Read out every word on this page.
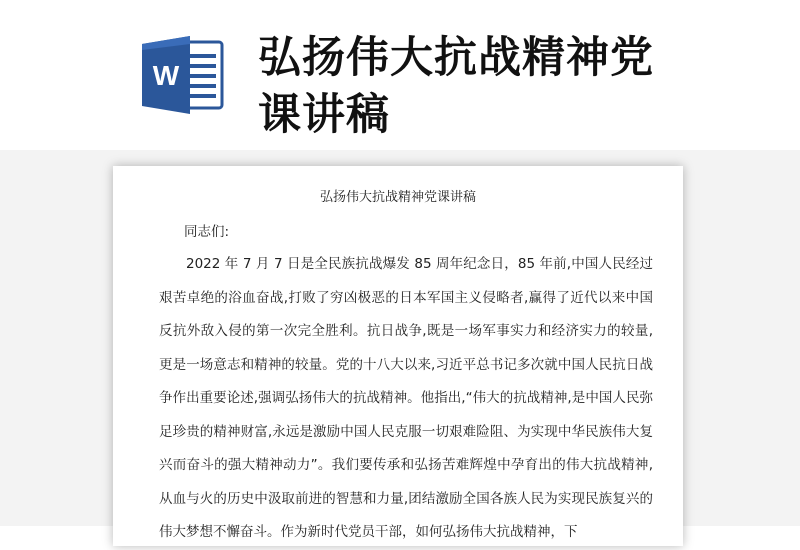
W 弘扬伟大抗战精神党课讲稿
弘扬伟大抗战精神党课讲稿
同志们:

2022 年 7 月 7 日是全民族抗战爆发 85 周年纪念日，85 年前,中国人民经过艰苦卓绝的浴血奋战,打败了穷凶极恶的日本军国主义侵略者,赢得了近代以来中国反抗外敌入侵的第一次完全胜利。抗日战争,既是一场军事实力和经济实力的较量,更是一场意志和精神的较量。党的十八大以来,习近平总书记多次就中国人民抗日战争作出重要论述,强调弘扬伟大的抗战精神。他指出,“伟大的抗战精神,是中国人民弥足珍贵的精神财富,永远是激励中国人民克服一切艰难险阻、为实现中华民族伟大复兴而奋斗的强大精神动力”。我们要传承和弘扬苦难辉煌中孕育出的伟大抗战精神,从血与火的历史中汲取前进的智慧和力量,团结激励全国各族人民为实现民族复兴的伟大梦想不懈奋斗。作为新时代党员干部，如何弘扬伟大抗战精神，下
